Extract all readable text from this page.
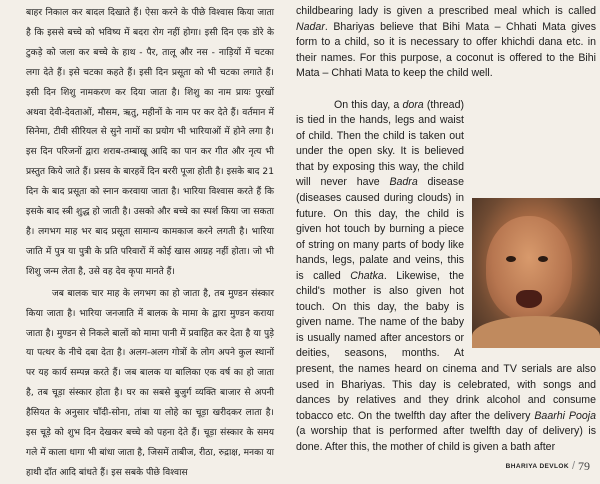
बाहर निकाल कर बादल दिखाते हैं। ऐसा करने के पीछे विश्वास किया जाता है कि इससे बच्चे को भविष्य में बदरा रोग नहीं होगा। इसी दिन एक डोरे के टुकड़े को जला कर बच्चे के हाथ - पैर, तालू और नस - नाड़ियों में चटका लगा देते हैं। इसे चटका कहते हैं। इसी दिन प्रसूता को भी चटका लगाते हैं। इसी दिन शिशु नामकरण कर दिया जाता है। शिशु का नाम प्रायः पुरखों अथवा देवी-देवताओं, मौसम, ऋतु, महीनों के नाम पर कर देते हैं। वर्तमान में सिनेमा, टीवी सीरियल से सुने नामों का प्रयोग भी भारियाओं में होने लगा है। इस दिन परिजनों द्वारा शराब-तम्बाखू आदि का पान कर गीत और नृत्य भी प्रस्तुत किये जाते हैं। प्रसव के बारहवें दिन बररी पूजा होती है। इसके बाद 21 दिन के बाद प्रसूता को स्नान करवाया जाता है। भारिया विश्वास करते हैं कि इसके बाद स्त्री शुद्ध हो जाती है। उसको और बच्चे का स्पर्श किया जा सकता है। लगभग माह भर बाद प्रसूता सामान्य कामकाज करने लगती है। भारिया जाति में पुत्र या पुत्री के प्रति परिवारों में कोई खास आग्रह नहीं होता। जो भी शिशु जन्म लेता है, उसे वह देव कृपा मानते हैं।

जब बालक चार माह के लगभग का हो जाता है, तब मुण्डन संस्कार किया जाता है। भारिया जनजाति में बालक के मामा के द्वारा मुण्डन कराया जाता है। मुण्डन से निकले बालों को मामा पानी में प्रवाहित कर देता है या पुड़े या पत्थर के नीचे दबा देता है। अलग-अलग गोत्रों के लोग अपने कुल स्थानों पर यह कार्य सम्पन्न करते हैं। जब बालक या बालिका एक वर्ष का हो जाता है, तब चूड़ा संस्कार होता है। घर का सबसे बुजुर्ग व्यक्ति बाजार से अपनी हैसियत के अनुसार चाँदी-सोना, तांबा या लोहे का चूड़ा खरीदकर लाता है। इस चूड़े को शुभ दिन देखकर बच्चे को पहना देते हैं। चूड़ा संस्कार के समय गले में काला धागा भी बांधा जाता है, जिसमें ताबीज, रीठा, रुद्राक्ष, मनका या हाथी दाँत आदि बांधते हैं। इस सबके पीछे विश्वास

childbearing lady is given a prescribed meal which is called Nadar. Bhariyas believe that Bihi Mata – Chhati Mata gives form to a child, so it is necessary to offer khichdi dana etc. in their names. For this purpose, a coconut is offered to the Bihi Mata – Chhati Mata to keep the child well.

On this day, a dora (thread) is tied in the hands, legs and waist of child. Then the child is taken out under the open sky. It is believed that by exposing this way, the child will never have Badra disease (diseases caused during clouds) in future. On this day, the child is given hot touch by burning a piece of string on many parts of body like hands, legs, palate and veins, this is called Chatka. Likewise, the child's mother is also given hot touch. On this day, the baby is given name. The name of the baby is usually named after ancestors or deities, seasons, months. At present, the names heard on cinema and TV serials are also used in Bhariyas. This day is celebrated, with songs and dances by relatives and they drink alcohol and consume tobacco etc. On the twelfth day after the delivery Baarhi Pooja (a worship that is performed after twelfth day of delivery) is done. After this, the mother of child is given a bath after

BHARIYA DEVLOK / 79
